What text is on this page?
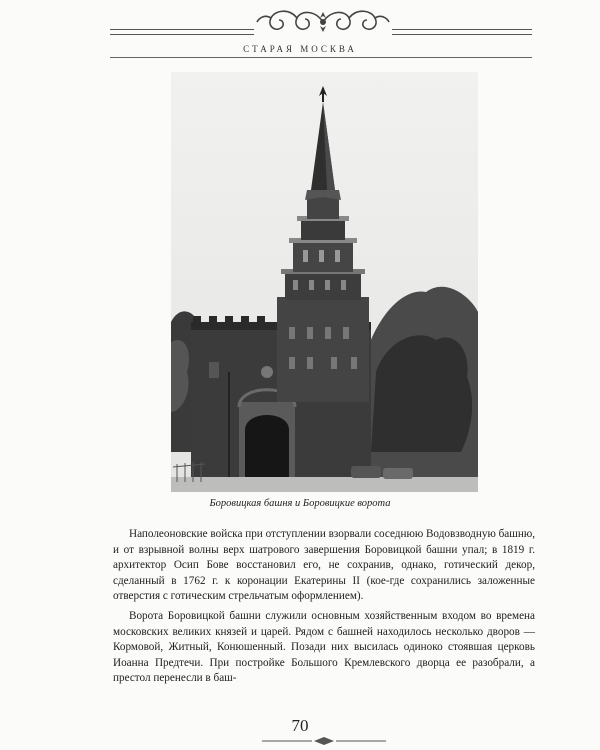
СТАРАЯ МОСКВА
Боровицкая башня и Боровицкие ворота

Наполеоновские войска при отступлении взорвали соседнюю Водовзводную башню, и от взрывной волны верх шатрового завершения Боровицкой башни упал; в 1819 г. архитектор Осип Бове восстановил его, не сохранив, однако, готический декор, сделанный в 1762 г. к коронации Екатерины II (кое-где сохранились заложенные отверстия с готическим стрельчатым оформлением).

Ворота Боровицкой башни служили основным хозяйственным входом во времена московских великих князей и царей. Рядом с башней находилось несколько дворов — Кормовой, Житный, Конюшенный. Позади них высилась одиноко стоявшая церковь Иоанна Предтечи. При постройке Большого Кремлевского дворца ее разобрали, а престол перенесли в баш-

70
